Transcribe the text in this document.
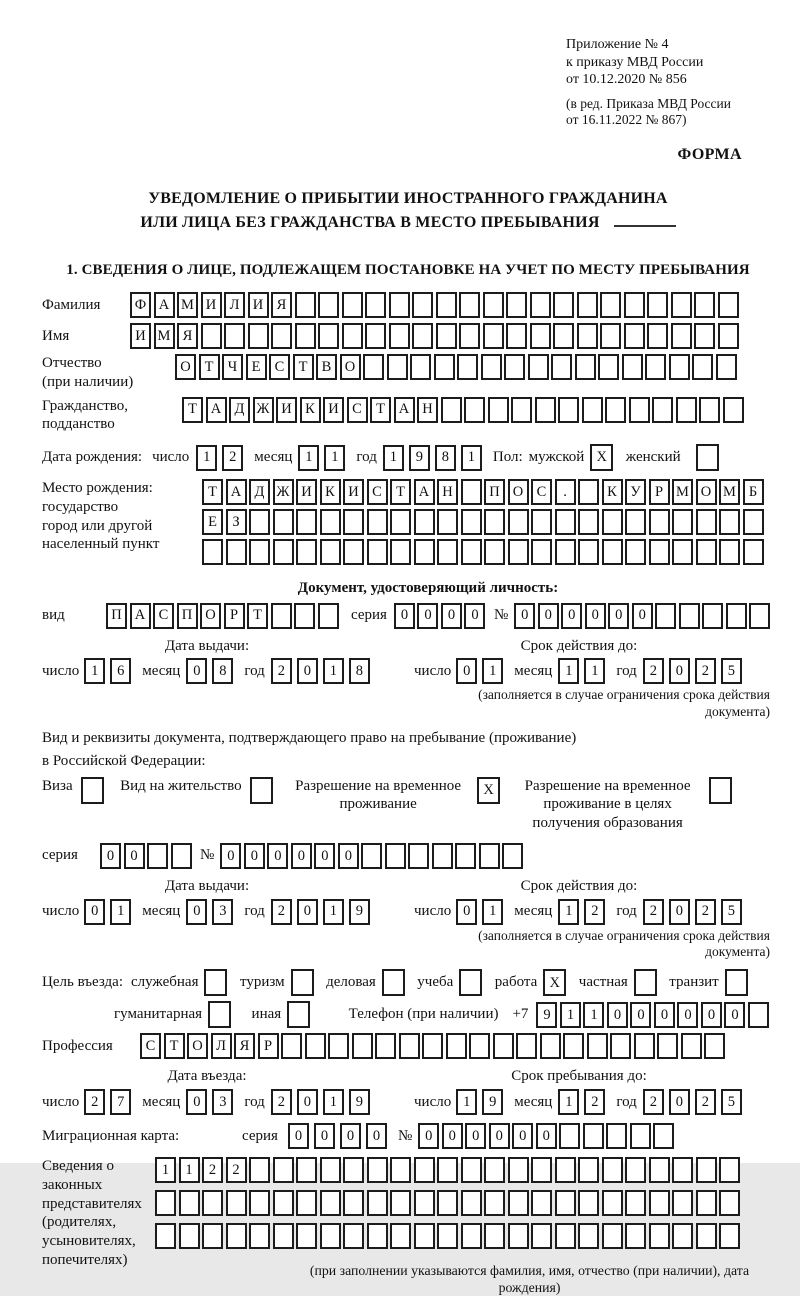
Приложение № 4
к приказу МВД России
от 10.12.2020 № 856
(в ред. Приказа МВД России
от 16.11.2022 № 867)
ФОРМА
УВЕДОМЛЕНИЕ О ПРИБЫТИИ ИНОСТРАННОГО ГРАЖДАНИНА
ИЛИ ЛИЦА БЕЗ ГРАЖДАНСТВА В МЕСТО ПРЕБЫВАНИЯ
1. СВЕДЕНИЯ О ЛИЦЕ, ПОДЛЕЖАЩЕМ ПОСТАНОВКЕ НА УЧЕТ ПО МЕСТУ ПРЕБЫВАНИЯ
Фамилия	Ф А М И Л И Я
Имя	И М Я
Отчество
(при наличии)
О Т Ч Е С Т В О
Гражданство,
подданство
Т А Д Ж И К И С Т А Н
Дата рождения: число 1	2	месяц 1	1	год 1	9	8	1	Пол: мужской X	женский
Место рождения:
государство
город или другой
населенный пункт
Т А Д Ж И К И С Т А Н	П О С	.	К У Р М О М Б

Е	З

Документ, удостоверяющий личность:
вид	П А С П О Р	Т	серия 0	0	0	0	№ 0	0	0	0	0	0
Дата выдачи:
число 1	6	месяц 0	8	год 2	0	1	8
Срок действия до:
число 0	1	месяц 1	1	год 2	0	2	5
(заполняется в случае ограничения срока действия документа)
Вид и реквизиты документа, подтверждающего право на пребывание (проживание)
в Российской Федерации:
Виза	Вид на жительство	Разрешение на временное проживание
X	Разрешение на временное проживание в целях получения образования
серия	0	0	№ 0	0	0	0	0	0
Дата выдачи:
число 0	1	месяц 0	3	год 2	0	1	9
Срок действия до:
число 0	1	месяц 1	2	год 2	0	2	5
(заполняется в случае ограничения срока действия документа)
Цель въезда: служебная	туризм	деловая	учеба	работа X	частная	транзит
гуманитарная	иная	Телефон (при наличии) +7	9	1	1	0	0	0	0	0	0
Профессия	С Т О Л Я	Р
Дата въезда:
число 2	7	месяц 0	3	год 2	0	1	9
Срок пребывания до:
число 1	9	месяц 1	2	год 2	0	2	5
Миграционная карта:	серия	0	0	0	0	№ 0	0	0	0	0	0
Сведения о
законных
представителях
(родителях,
усыновителях,
попечителях)
1	1	2	2

(при заполнении указываются фамилия, имя, отчество (при наличии), дата рождения)
